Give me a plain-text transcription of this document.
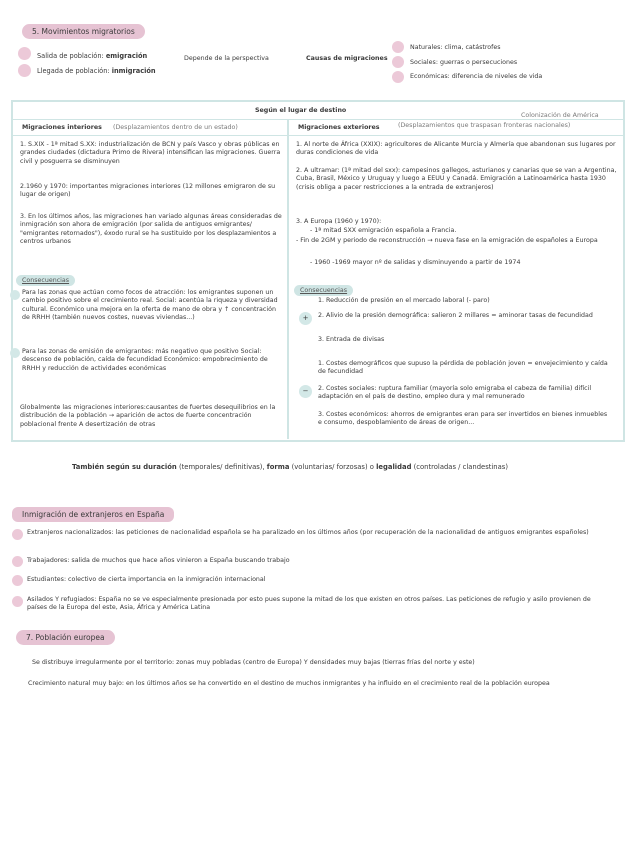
5. Movimientos migratorios
Salida de población: emigración
Llegada de población: inmigración
Depende de la perspectiva	Causas de migraciones
Naturales: clima, catástrofes
Sociales: guerras o persecuciones
Económicas: diferencia de niveles de vida
Según el lugar de destino
Colonización de América
Migraciones interiores (Desplazamientos dentro de un estado)
1. S.XIX - 1ª mitad S.XX: industrialización de BCN y país Vasco y obras públicas en grandes ciudades (dictadura Primo de Rivera) intensifican las migraciones. Guerra civil y posguerra se disminuyen
2.1960 y 1970: importantes migraciones interiores (12 millones emigraron de su lugar de origen)
3. En los últimos años, las migraciones han variado algunas áreas consideradas de inmigración son ahora de emigración (por salida de antiguos emigrantes/ "emigrantes retornados"), éxodo rural se ha sustituido por los desplazamientos a centros urbanos
Consecuencias
Para las zonas que actúan como focos de atracción: los emigrantes suponen un cambio positivo sobre el crecimiento real. Social: acentúa la riqueza y diversidad cultural. Económico una mejora en la oferta de mano de obra y ↑ concentración de RRHH (también nuevos costes, nuevas viviendas...)
Para las zonas de emisión de emigrantes: más negativo que positivo Social: descenso de población, caída de fecundidad Económico: empobrecimiento de RRHH y reducción de actividades económicas
Globalmente las migraciones interiores:causantes de fuertes desequilibrios en la distribución de la población → aparición de actos de fuerte concentración poblacional frente A desertización de otras
Migraciones exteriores	(Desplazamientos que traspasan fronteras nacionales)
1. Al norte de África (XXIX): agricultores de Alicante Murcia y Almería que abandonan sus lugares por duras condiciones de vida
2. A ultramar: (1ª mitad del sxx): campesinos gallegos, asturianos y canarias que se van a Argentina, Cuba, Brasil, México y Uruguay y luego a EEUU y Canadá. Emigración a Latinoamérica hasta 1930 (crisis obliga a pacer restricciones a la entrada de extranjeros)
3. A Europa (1960 y 1970):
- 1ª mitad SXX emigración española a Francia.
- Fin de 2GM y periodo de reconstrucción → nueva fase en la emigración de españoles a Europa
- 1960 -1969 mayor nº de salidas y disminuyendo a partir de 1974
Consecuencias
1. Reducción de presión en el mercado laboral (- paro)
+	2. Alivio de la presión demográfica: salieron 2 millares = aminorar tasas de fecundidad
3. Entrada de divisas
1. Costes demográficos que supuso la pérdida de población joven = envejecimiento y caída de fecundidad
−	2. Costes sociales: ruptura familiar (mayoría solo emigraba el cabeza de familia) difícil adaptación en el país de destino, empleo dura y mal remunerado
3. Costes económicos: ahorros de emigrantes eran para ser invertidos en bienes inmuebles e consumo, despoblamiento de áreas de origen...
También según su duración (temporales/ definitivas), forma (voluntarias/ forzosas) o legalidad (controladas / clandestinas)
Inmigración de extranjeros en España
Extranjeros nacionalizados: las peticiones de nacionalidad española se ha paralizado en los últimos años (por recuperación de la nacionalidad de antiguos emigrantes españoles)
Trabajadores: salida de muchos que hace años vinieron a España buscando trabajo
Estudiantes: colectivo de cierta importancia en la inmigración internacional
Asilados Y refugiados: España no se ve especialmente presionada por esto pues supone la mitad de los que existen en otros países. Las peticiones de refugio y asilo provienen de países de la Europa del este, Asia, África y América Latina
7. Población europea
Se distribuye irregularmente por el territorio: zonas muy pobladas (centro de Europa) Y densidades muy bajas (tierras frías del norte y este)
Crecimiento natural muy bajo: en los últimos años se ha convertido en el destino de muchos inmigrantes y ha influido en el crecimiento real de la población europea
